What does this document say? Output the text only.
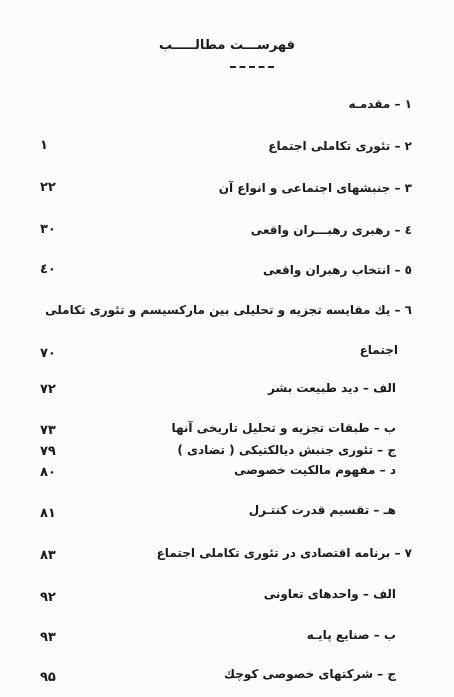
فهرســـت مطالـــــب
۱ – مقدمـه
۲ – تئوری تکاملی اجتماع
۱
۳ – جنبشهای اجتماعی و انواع آن
۲۲
٤ – رهبری رهبـــران واقعی
۳۰
٥ – انتخاب رهبران واقعی
٤۰
٦ – یك مقایسه تجزیه و تحلیلی بین مارکسیسم و تئوری تکاملی
اجتماع
۷۰
الف – دید طبیعت بشر
۷۲
ب – طبقات تجزیه و تحلیل تاریخی آنها
۷۳
ج – تئوری جنبش دیالکتیکی ( تضادی )
۷۹
د – مفهوم مالکیت خصوصی
۸۰
هـ – تقسیم قدرت کنتـرل
۸۱
۷ – برنامه اقتصادی در تئوری تکاملی اجتماع
۸۳
الف – واحدهای تعاونی
۹۲
ب – صنایع پایـه
۹۳
ج – شرکتهای خصوصی کوچك
۹۵
